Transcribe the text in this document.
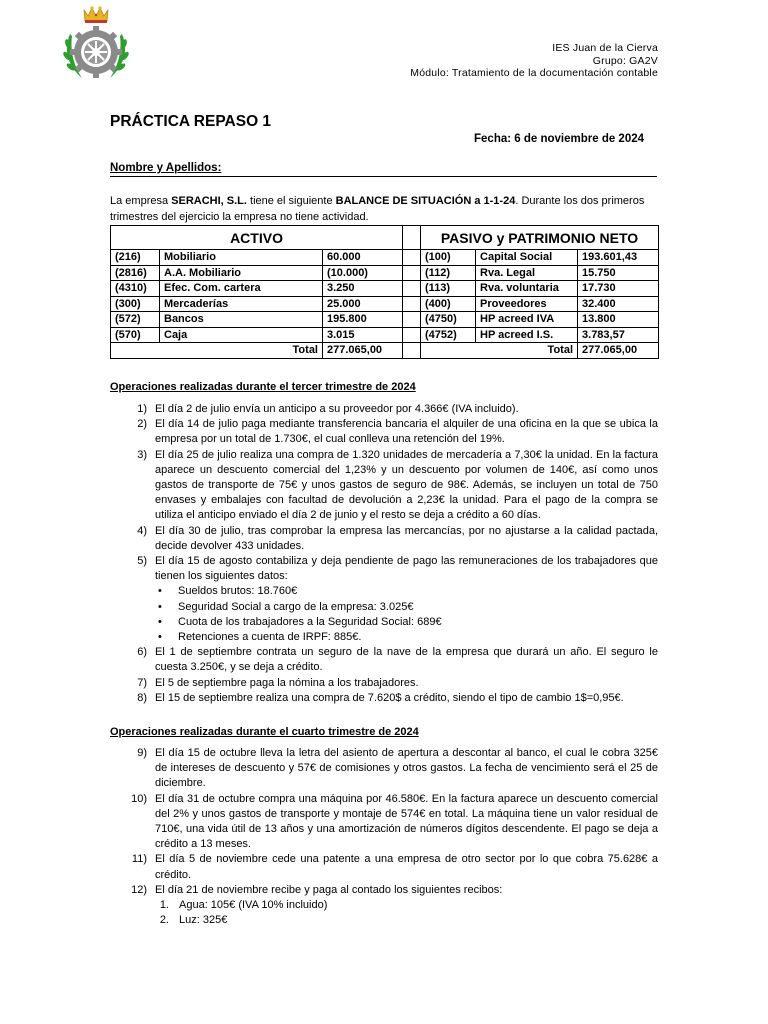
IES Juan de la Cierva
Grupo: GA2V
Módulo: Tratamiento de la documentación contable
PRÁCTICA REPASO 1
Fecha: 6 de noviembre de 2024
Nombre y Apellidos:
La empresa SERACHI, S.L. tiene el siguiente BALANCE DE SITUACIÓN a 1-1-24. Durante los dos primeros trimestres del ejercicio la empresa no tiene actividad.
ACTIVO				PASIVO y PATRIMONIO NETO		
(216)	Mobiliario	60.000		(100)	Capital Social	193.601,43
(2816)	A.A. Mobiliario	(10.000)		(112)	Rva. Legal	15.750
(4310)	Efec. Com. cartera	3.250		(113)	Rva. voluntaria	17.730
(300)	Mercaderías	25.000		(400)	Proveedores	32.400
(572)	Bancos	195.800		(4750)	HP acreed IVA	13.800
(570)	Caja	3.015		(4752)	HP acreed I.S.	3.783,57
	Total	277.065,00			Total	277.065,00
Operaciones realizadas durante el tercer trimestre de 2024
1) El día 2 de julio envía un anticipo a su proveedor por 4.366€ (IVA incluido).
2) El día 14 de julio paga mediante transferencia bancaria el alquiler de una oficina en la que se ubica la empresa por un total de 1.730€, el cual conlleva una retención del 19%.
3) El día 25 de julio realiza una compra de 1.320 unidades de mercadería a 7,30€ la unidad. En la factura aparece un descuento comercial del 1,23% y un descuento por volumen de 140€, así como unos gastos de transporte de 75€ y unos gastos de seguro de 98€. Además, se incluyen un total de 750 envases y embalajes con facultad de devolución a 2,23€ la unidad. Para el pago de la compra se utiliza el anticipo enviado el día 2 de junio y el resto se deja a crédito a 60 días.
4) El día 30 de julio, tras comprobar la empresa las mercancías, por no ajustarse a la calidad pactada, decide devolver 433 unidades.
5) El día 15 de agosto contabiliza y deja pendiente de pago las remuneraciones de los trabajadores que tienen los siguientes datos:
• Sueldos brutos: 18.760€
• Seguridad Social a cargo de la empresa: 3.025€
• Cuota de los trabajadores a la Seguridad Social: 689€
• Retenciones a cuenta de IRPF: 885€.
6) El 1 de septiembre contrata un seguro de la nave de la empresa que durará un año. El seguro le cuesta 3.250€, y se deja a crédito.
7) El 5 de septiembre paga la nómina a los trabajadores.
8) El 15 de septiembre realiza una compra de 7.620$ a crédito, siendo el tipo de cambio 1$=0,95€.
Operaciones realizadas durante el cuarto trimestre de 2024
9) El día 15 de octubre lleva la letra del asiento de apertura a descontar al banco, el cual le cobra 325€ de intereses de descuento y 57€ de comisiones y otros gastos. La fecha de vencimiento será el 25 de diciembre.
10) El día 31 de octubre compra una máquina por 46.580€. En la factura aparece un descuento comercial del 2% y unos gastos de transporte y montaje de 574€ en total. La máquina tiene un valor residual de 710€, una vida útil de 13 años y una amortización de números dígitos descendente. El pago se deja a crédito a 13 meses.
11) El día 5 de noviembre cede una patente a una empresa de otro sector por lo que cobra 75.628€ a crédito.
12) El día 21 de noviembre recibe y paga al contado los siguientes recibos:
1. Agua: 105€ (IVA 10% incluido)
2. Luz: 325€
